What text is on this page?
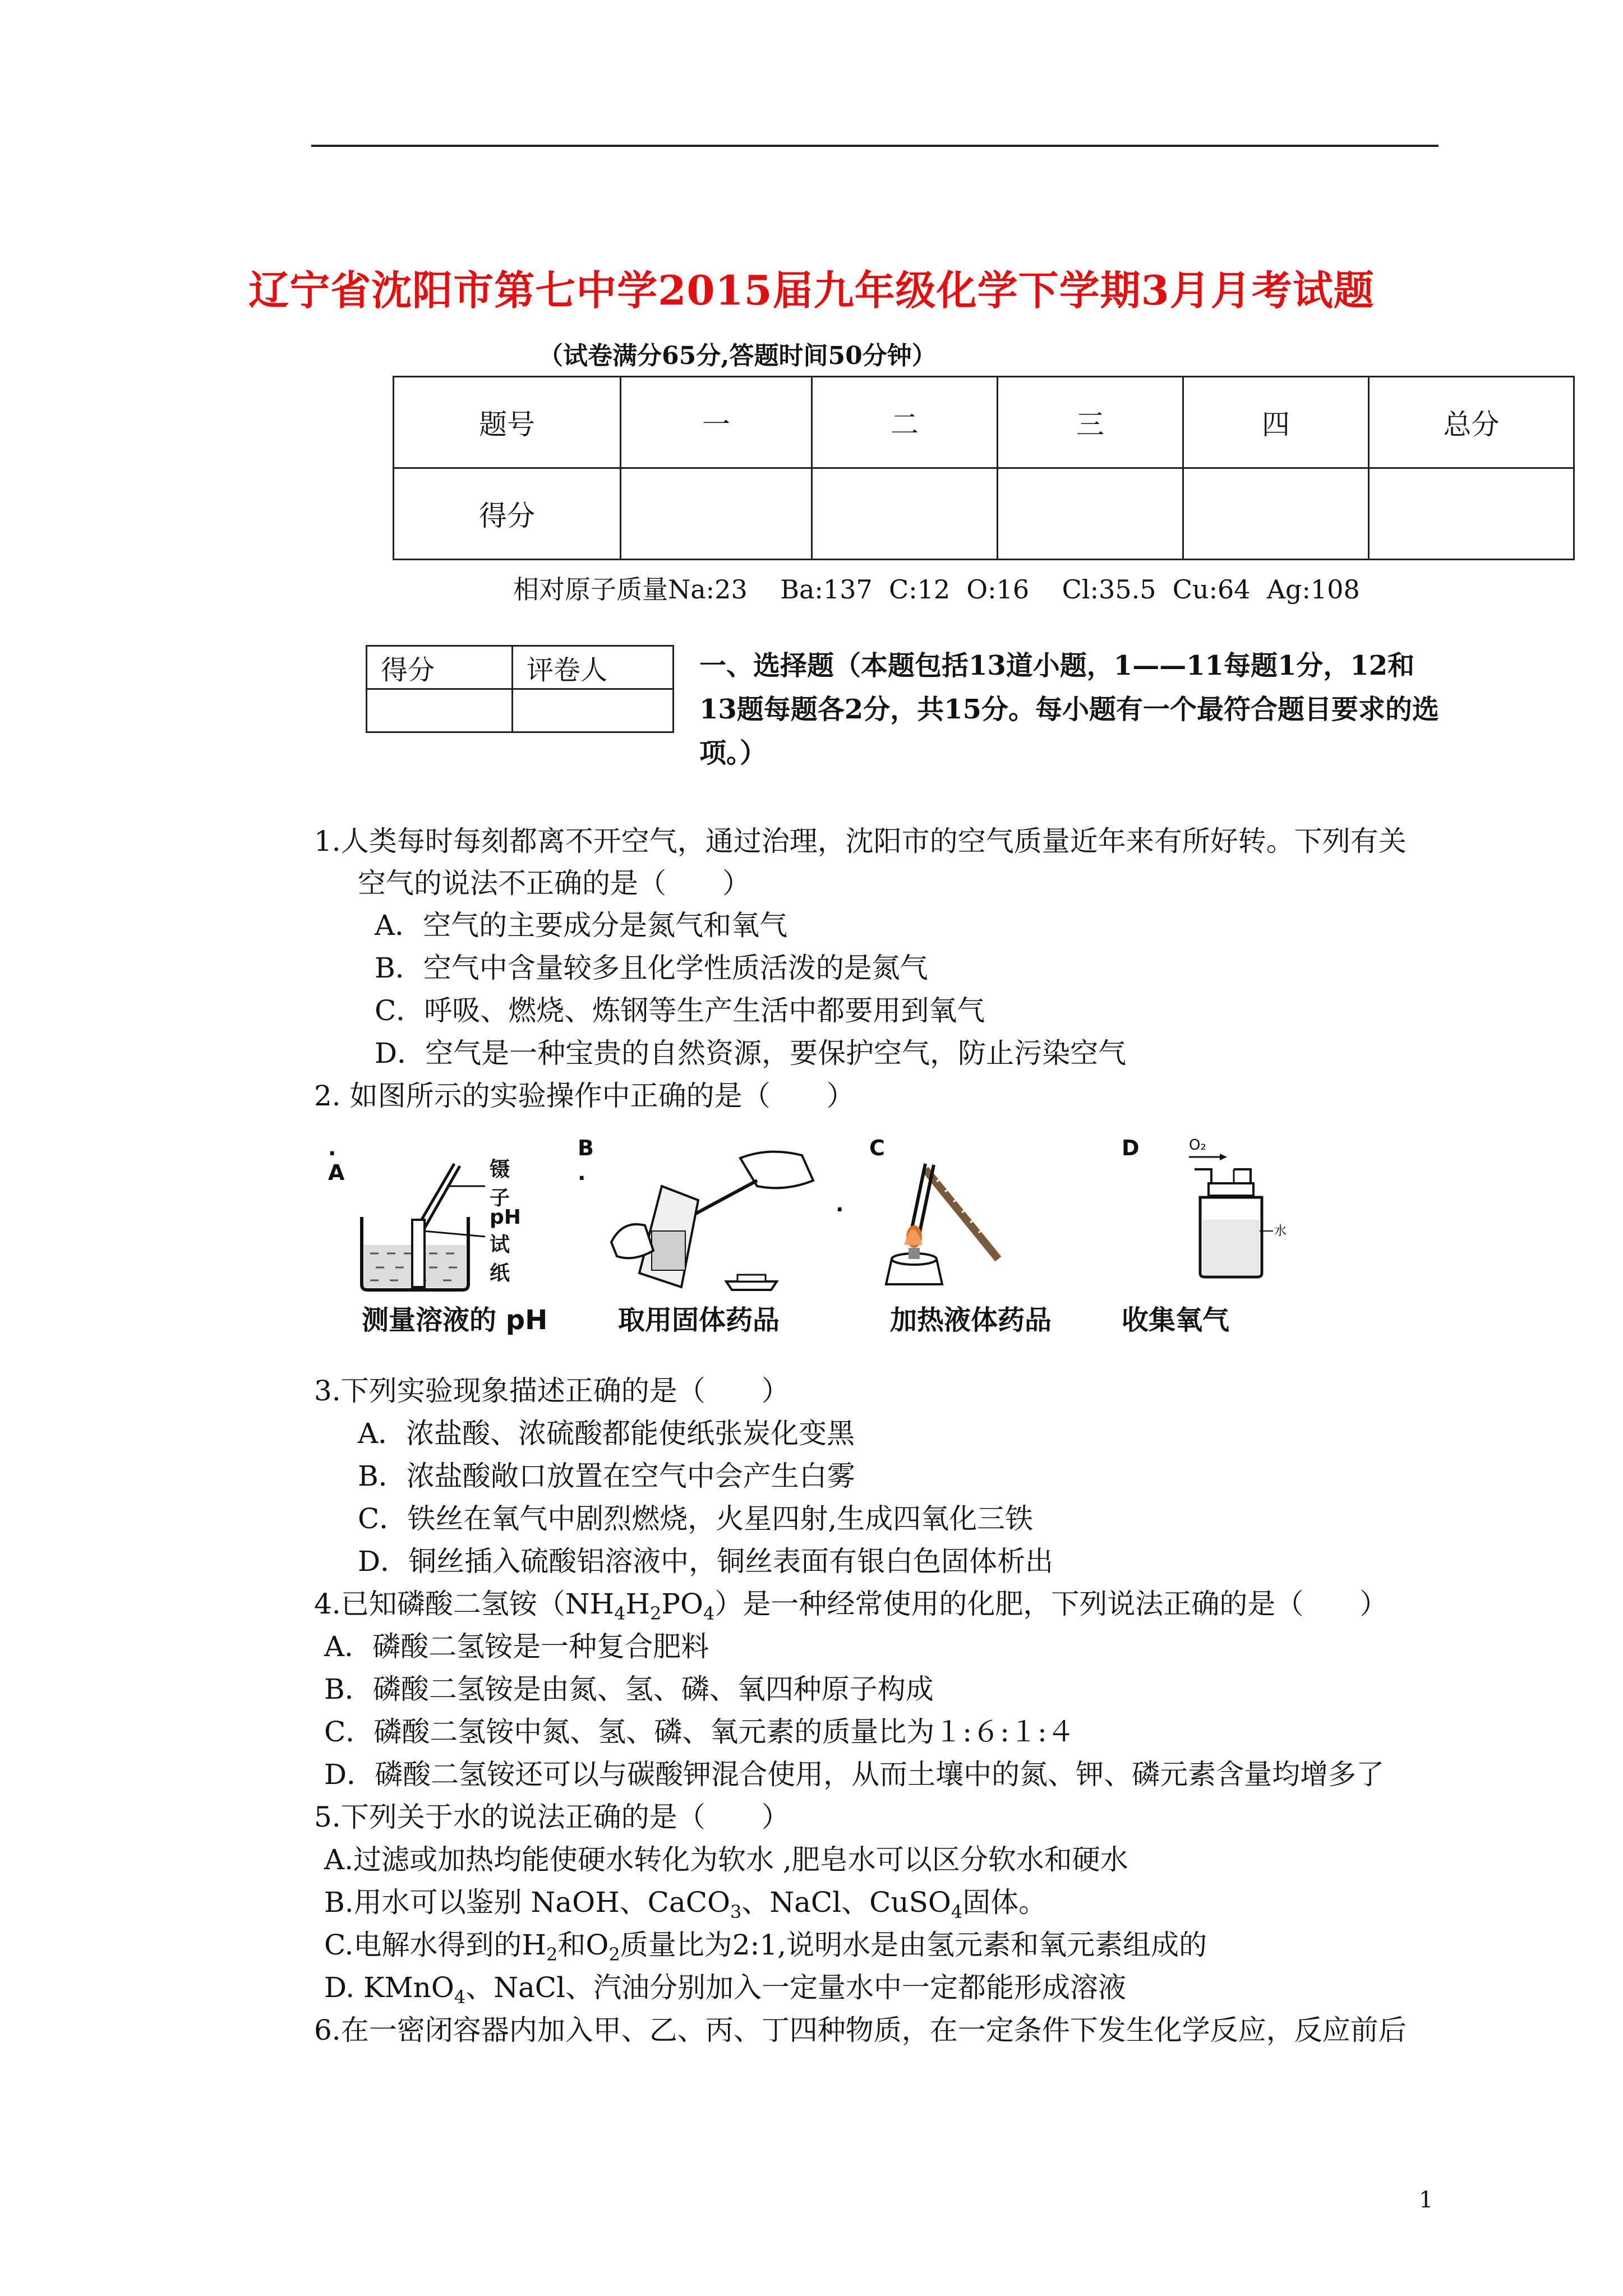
辽宁省沈阳市第七中学2015届九年级化学下学期3月月考试题
（试卷满分65分,答题时间50分钟）
题号	一	二	三	四	总分
得分					
相对原子质量Na:23    Ba:137  C:12  O:16    Cl:35.5  Cu:64  Ag:108
得分	评卷人
		一、选择题（本题包括13道小题，1——11每题1分，12和13题每题各2分，共15分。每小题有一个最符合题目要求的选项。）
1.人类每时每刻都离不开空气，通过治理，沈阳市的空气质量近年来有所好转。下列有关
空气的说法不正确的是（　　）
A．空气的主要成分是氮气和氧气
B．空气中含量较多且化学性质活泼的是氮气
C．呼吸、燃烧、炼钢等生产生活中都要用到氧气
D．空气是一种宝贵的自然资源，要保护空气，防止污染空气
2. 如图所示的实验操作中正确的是（　　）
. A	镊子
pH试纸
测量溶液的 pH
B .
取用固体药品
C
.
加热液体药品
D	O₂
水
收集氧气
3.下列实验现象描述正确的是（　　）
A．浓盐酸、浓硫酸都能使纸张炭化变黑
B．浓盐酸敞口放置在空气中会产生白雾
C．铁丝在氧气中剧烈燃烧，火星四射,生成四氧化三铁
D．铜丝插入硫酸铝溶液中，铜丝表面有银白色固体析出
4.已知磷酸二氢铵$(NH_4H_2PO_4)$是一种经常使用的化肥，下列说法正确的是（　　）
A．磷酸二氢铵是一种复合肥料
B．磷酸二氢铵是由氮、氢、磷、氧四种原子构成
C．磷酸二氢铵中氮、氢、磷、氧元素的质量比为１:６:１:４
D．磷酸二氢铵还可以与碳酸钾混合使用，从而土壤中的氮、钾、磷元素含量均增多了
5.下列关于水的说法正确的是（　　）
A.过滤或加热均能使硬水转化为软水 ,肥皂水可以区分软水和硬水
B.用水可以鉴别 NaOH、CaCO$_3$、NaCl、CuSO$_4$固体。
C.电解水得到的$H_2$和$O_2$质量比为2:1,说明水是由氢元素和氧元素组成的
D. KMnO$_4$、NaCl、汽油分别加入一定量水中一定都能形成溶液
6.在一密闭容器内加入甲、乙、丙、丁四种物质，在一定条件下发生化学反应，反应前后
1
